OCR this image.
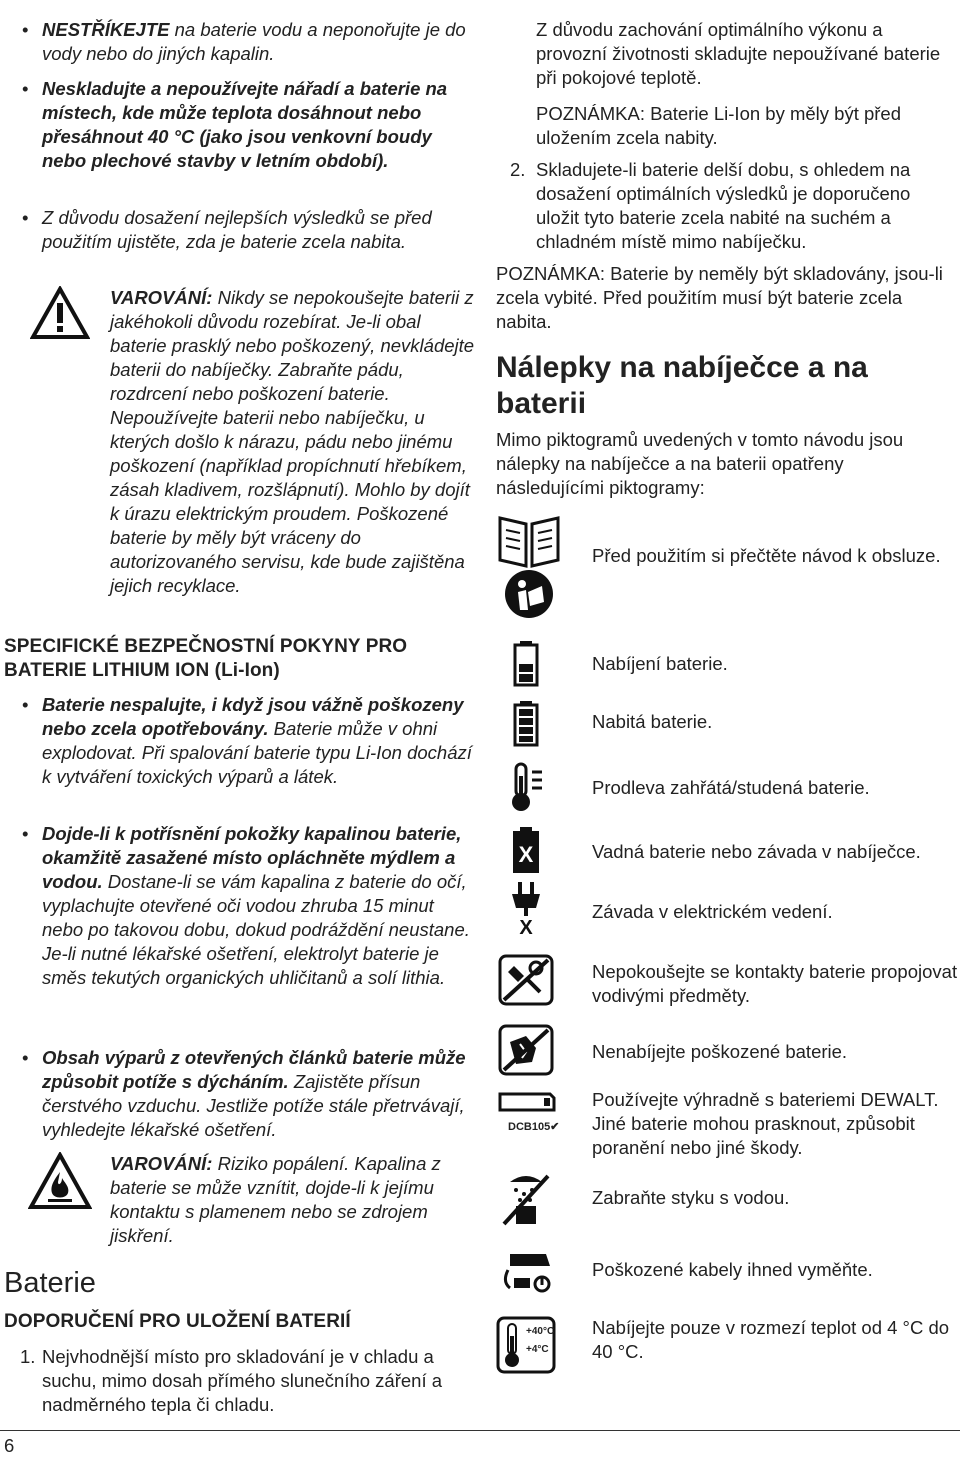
• NESTŘÍKEJTE na baterie vodu a neponořujte je do vody nebo do jiných kapalin.
• Neskladujte a nepoužívejte nářadí a baterie na místech, kde může teplota dosáhnout nebo přesáhnout 40 °C (jako jsou venkovní boudy nebo plechové stavby v letním období).
• Z důvodu dosažení nejlepších výsledků se před použitím ujistěte, zda je baterie zcela nabita.
VAROVÁNÍ: Nikdy se nepokoušejte baterii z jakéhokoli důvodu rozebírat. Je-li obal baterie prasklý nebo poškozený, nevkládejte baterii do nabíječky. Zabraňte pádu, rozdrcení nebo poškození baterie. Nepoužívejte baterii nebo nabíječku, u kterých došlo k nárazu, pádu nebo jinému poškození (například propíchnutí hřebíkem, zásah kladivem, rozšlápnutí). Mohlo by dojít k úrazu elektrickým proudem. Poškozené baterie by měly být vráceny do autorizovaného servisu, kde bude zajištěna jejich recyklace.
SPECIFICKÉ BEZPEČNOSTNÍ POKYNY PRO BATERIE LITHIUM ION (Li-Ion)
• Baterie nespalujte, i když jsou vážně poškozeny nebo zcela opotřebovány. Baterie může v ohni explodovat. Při spalování baterie typu Li-Ion dochází k vytváření toxických výparů a látek.
• Dojde-li k potřísnění pokožky kapalinou baterie, okamžitě zasažené místo opláchněte mýdlem a vodou. Dostane-li se vám kapalina z baterie do očí, vyplachujte otevřené oči vodou zhruba 15 minut nebo po takovou dobu, dokud podráždění neustane. Je-li nutné lékařské ošetření, elektrolyt baterie je směs tekutých organických uhličitanů a solí lithia.
• Obsah výparů z otevřených článků baterie může způsobit potíže s dýcháním. Zajistěte přísun čerstvého vzduchu. Jestliže potíže stále přetrvávají, vyhledejte lékařské ošetření.
VAROVÁNÍ: Riziko popálení. Kapalina z baterie se může vznítit, dojde-li k jejímu kontaktu s plamenem nebo se zdrojem jiskření.
Baterie
DOPORUČENÍ PRO ULOŽENÍ BATERIÍ
1. Nejvhodnější místo pro skladování je v chladu a suchu, mimo dosah přímého slunečního záření a nadměrného tepla či chladu.
6
Z důvodu zachování optimálního výkonu a provozní životnosti skladujte nepoužívané baterie při pokojové teplotě.
POZNÁMKA: Baterie Li-Ion by měly být před uložením zcela nabity.
2. Skladujete-li baterie delší dobu, s ohledem na dosažení optimálních výsledků je doporučeno uložit tyto baterie zcela nabité na suchém a chladném místě mimo nabíječku.
POZNÁMKA: Baterie by neměly být skladovány, jsou-li zcela vybité. Před použitím musí být baterie zcela nabita.
Nálepky na nabíječce a na baterii
Mimo piktogramů uvedených v tomto návodu jsou nálepky na nabíječce a na baterii opatřeny následujícími piktogramy:
Před použitím si přečtěte návod k obsluze.
Nabíjení baterie.
Nabitá baterie.
Prodleva zahřátá/studená baterie.
X	Vadná baterie nebo závada v nabíječce.
X
Závada v elektrickém vedení.
Nepokoušejte se kontakty baterie propojovat vodivými předměty.
Nenabíjejte poškozené baterie.
DCB105✔
Používejte výhradně s bateriemi DEWALT. Jiné baterie mohou prasknout, způsobit poranění nebo jiné škody.
Zabraňte styku s vodou.
Poškozené kabely ihned vyměňte.
+40°C
+4°C
Nabíjejte pouze v rozmezí teplot od 4 °C do 40 °C.
